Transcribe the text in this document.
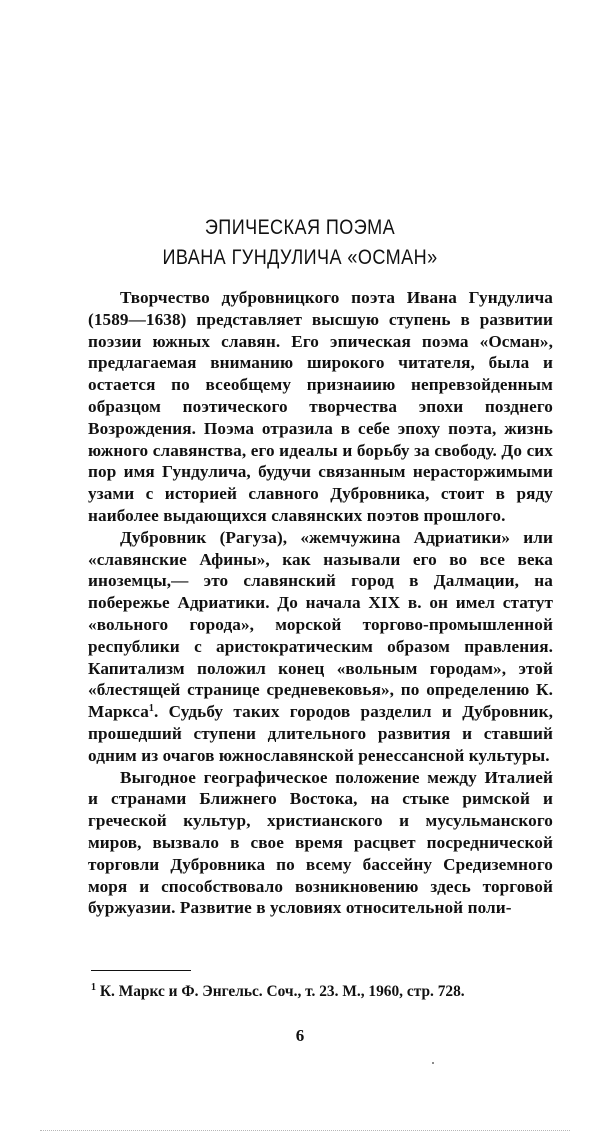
ЭПИЧЕСКАЯ ПОЭМА
ИВАНА ГУНДУЛИЧА «ОСМАН»

Творчество дубровницкого поэта Ивана Гундулича (1589—1638) представляет высшую ступень в развитии поэзии южных славян. Его эпическая поэма «Осман», предлагаемая вниманию широкого читателя, была и остается по всеобщему признаиию непревзойденным образцом поэтического творчества эпохи позднего Возрождения. Поэма отразила в себе эпоху поэта, жизнь южного славянства, его идеалы и борьбу за свободу. До сих пор имя Гундулича, будучи связанным нерасторжимыми узами с историей славного Дубровника, стоит в ряду наиболее выдающихся славянских поэтов прошлого.

Дубровник (Рагуза), «жемчужина Адриатики» или «славянские Афины», как называли его во все века иноземцы,— это славянский город в Далмации, на побережье Адриатики. До начала XIX в. он имел статут «вольного города», морской торгово-промышленной республики с аристократическим образом правления. Капитализм положил конец «вольным городам», этой «блестящей странице средневековья», по определению К. Маркса$^1$. Судьбу таких городов разделил и Дубровник, прошедший ступени длительного развития и ставший одним из очагов южнославянской ренессансной культуры.

Выгодное географическое положение между Италией и странами Ближнего Востока, на стыке римской и греческой культур, христианского и мусульманского миров, вызвало в свое время расцвет посреднической торговли Дубровника по всему бассейну Средиземного моря и способствовало возникновению здесь торговой буржуазии. Развитие в условиях относительной поли-

$^1$ К. Маркс и Ф. Энгельс. Соч., т. 23. М., 1960, стр. 728.
6
